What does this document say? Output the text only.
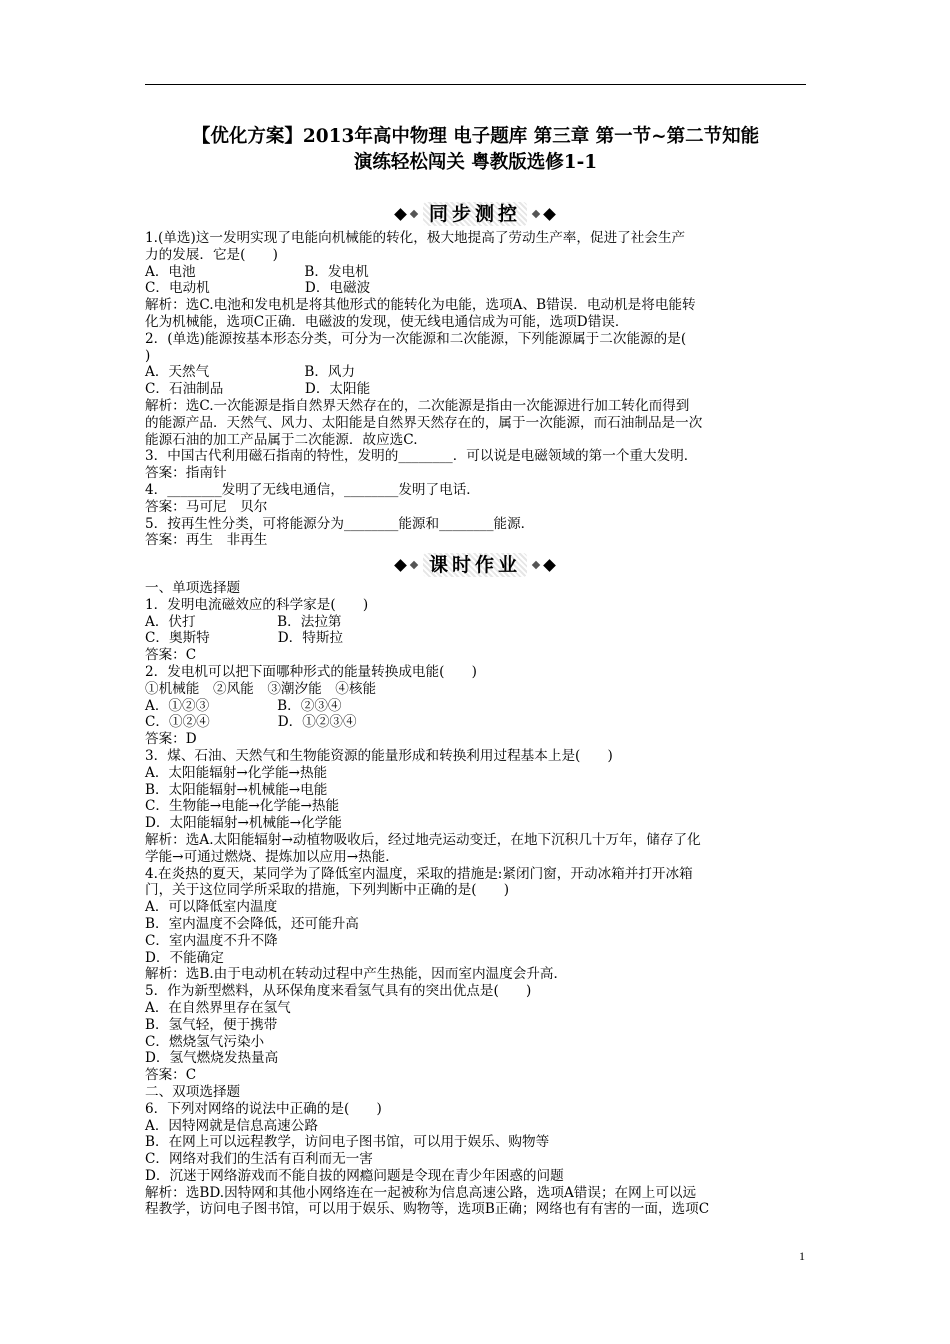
【优化方案】2013年高中物理 电子题库 第三章 第一节~第二节知能
演练轻松闯关 粤教版选修1-1
同步测控
1.(单选)这一发明实现了电能向机械能的转化，极大地提高了劳动生产率，促进了社会生产
力的发展．它是(　　)
A．电池　　　　　　　　B．发电机
C．电动机　　　　　　　D．电磁波
解析：选C.电池和发电机是将其他形式的能转化为电能，选项A、B错误．电动机是将电能转
化为机械能，选项C正确．电磁波的发现，使无线电通信成为可能，选项D错误．
2．(单选)能源按基本形态分类，可分为一次能源和二次能源，下列能源属于二次能源的是(
)
A．天然气　　　　　　　B．风力
C．石油制品　　　　　　D．太阳能
解析：选C.一次能源是指自然界天然存在的，二次能源是指由一次能源进行加工转化而得到
的能源产品．天然气、风力、太阳能是自然界天然存在的，属于一次能源，而石油制品是一次
能源石油的加工产品属于二次能源．故应选C.
3．中国古代利用磁石指南的特性，发明的________．可以说是电磁领域的第一个重大发明．
答案：指南针
4．________发明了无线电通信，________发明了电话．
答案：马可尼　贝尔
5．按再生性分类，可将能源分为________能源和________能源．
答案：再生　非再生
课时作业
一、单项选择题
1．发明电流磁效应的科学家是(　　)
A．伏打　　　　　　B．法拉第
C．奥斯特　　　　　D．特斯拉
答案：C
2．发电机可以把下面哪种形式的能量转换成电能(　　)
①机械能　②风能　③潮汐能　④核能
A．①②③　　　　　B．②③④
C．①②④　　　　　D．①②③④
答案：D
3．煤、石油、天然气和生物能资源的能量形成和转换利用过程基本上是(　　)
A．太阳能辐射→化学能→热能
B．太阳能辐射→机械能→电能
C．生物能→电能→化学能→热能
D．太阳能辐射→机械能→化学能
解析：选A.太阳能辐射→动植物吸收后，经过地壳运动变迁，在地下沉积几十万年，储存了化
学能→可通过燃烧、提炼加以应用→热能．
4.在炎热的夏天，某同学为了降低室内温度，采取的措施是:紧闭门窗，开动冰箱并打开冰箱
门，关于这位同学所采取的措施，下列判断中正确的是(　　)
A．可以降低室内温度
B．室内温度不会降低，还可能升高
C．室内温度不升不降
D．不能确定
解析：选B.由于电动机在转动过程中产生热能，因而室内温度会升高．
5．作为新型燃料，从环保角度来看氢气具有的突出优点是(　　)
A．在自然界里存在氢气
B．氢气轻，便于携带
C．燃烧氢气污染小
D．氢气燃烧发热量高
答案：C
二、双项选择题
6．下列对网络的说法中正确的是(　　)
A．因特网就是信息高速公路
B．在网上可以远程教学，访问电子图书馆，可以用于娱乐、购物等
C．网络对我们的生活有百利而无一害
D．沉迷于网络游戏而不能自拔的网瘾问题是令现在青少年困惑的问题
解析：选BD.因特网和其他小网络连在一起被称为信息高速公路，选项A错误；在网上可以远
程教学，访问电子图书馆，可以用于娱乐、购物等，选项B正确；网络也有有害的一面，选项C
1
